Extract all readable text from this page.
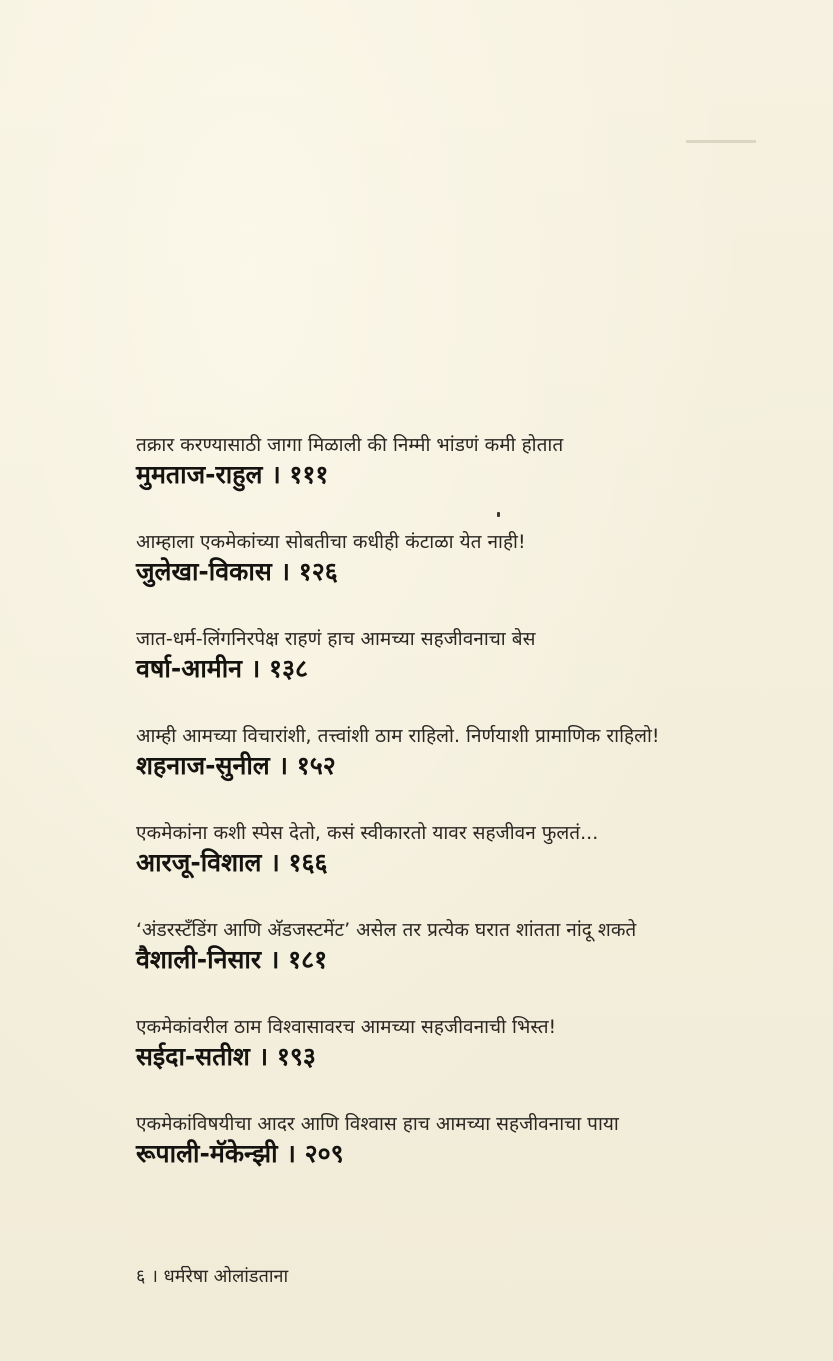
तक्रार करण्यासाठी जागा मिळाली की निम्मी भांडणं कमी होतात
मुमताज-राहुल । १११
आम्हाला एकमेकांच्या सोबतीचा कधीही कंटाळा येत नाही!
जुलेखा-विकास । १२६
जात-धर्म-लिंगनिरपेक्ष राहणं हाच आमच्या सहजीवनाचा बेस
वर्षा-आमीन । १३८
आम्ही आमच्या विचारांशी, तत्त्वांशी ठाम राहिलो. निर्णयाशी प्रामाणिक राहिलो!
शहनाज-सुनील । १५२
एकमेकांना कशी स्पेस देतो, कसं स्वीकारतो यावर सहजीवन फुलतं...
आरजू-विशाल । १६६
‘अंडरस्टँडिंग आणि अ‍ॅडजस्टमेंट’ असेल तर प्रत्येक घरात शांतता नांदू शकते
वैशाली-निसार । १८१
एकमेकांवरील ठाम विश्वासावरच आमच्या सहजीवनाची भिस्त!
सईदा-सतीश । १९३
एकमेकांविषयीचा आदर आणि विश्वास हाच आमच्या सहजीवनाचा पाया
रूपाली-मॅकेन्झी । २०९
६ । धर्मरेषा ओलांडताना
